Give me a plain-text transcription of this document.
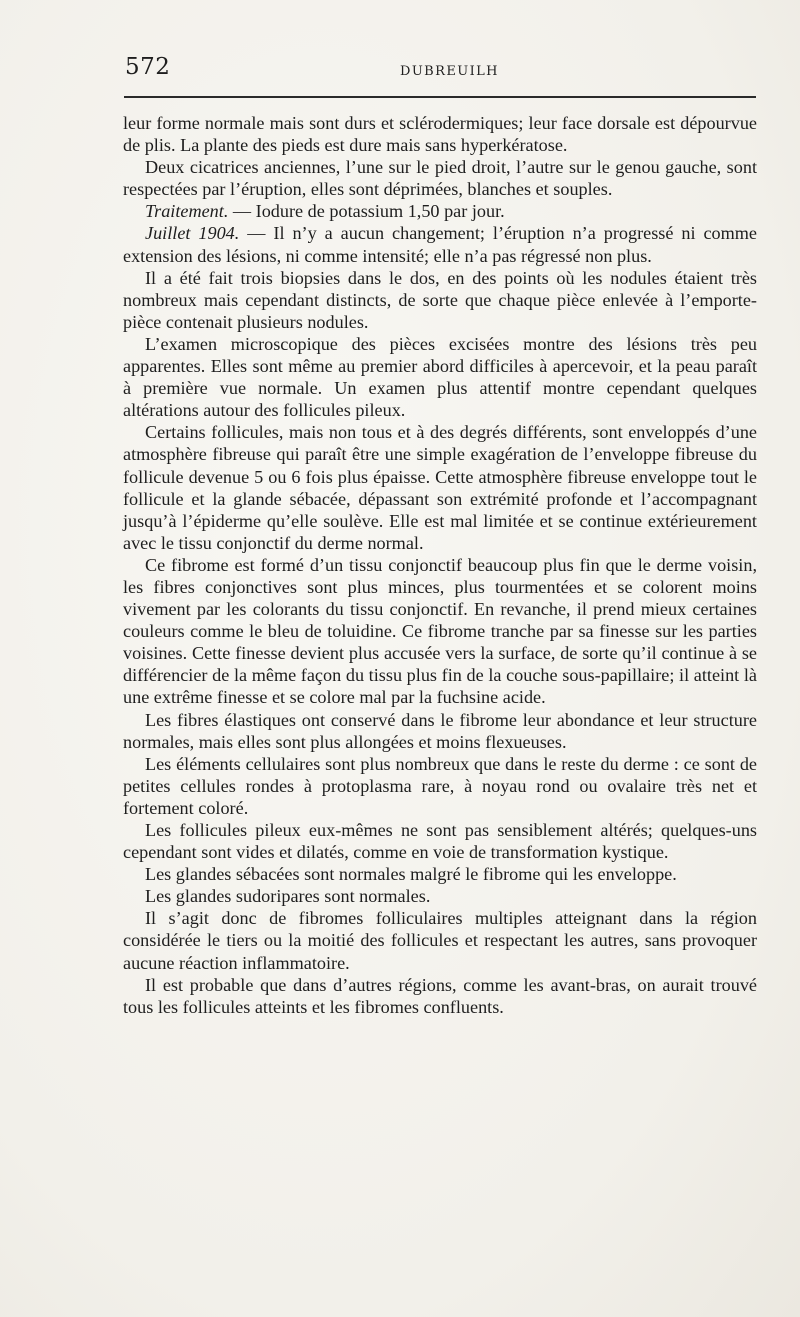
572	DUBREUILH

leur forme normale mais sont durs et sclérodermiques; leur face dorsale est dépourvue de plis. La plante des pieds est dure mais sans hyperkératose.

Deux cicatrices anciennes, l’une sur le pied droit, l’autre sur le genou gauche, sont respectées par l’éruption, elles sont déprimées, blanches et souples.

Traitement. — Iodure de potassium 1,50 par jour.

Juillet 1904. — Il n’y a aucun changement; l’éruption n’a progressé ni comme extension des lésions, ni comme intensité; elle n’a pas régressé non plus.

Il a été fait trois biopsies dans le dos, en des points où les nodules étaient très nombreux mais cependant distincts, de sorte que chaque pièce enlevée à l’emporte-pièce contenait plusieurs nodules.

L’examen microscopique des pièces excisées montre des lésions très peu apparentes. Elles sont même au premier abord difficiles à apercevoir, et la peau paraît à première vue normale. Un examen plus attentif montre cependant quelques altérations autour des follicules pileux.

Certains follicules, mais non tous et à des degrés différents, sont enveloppés d’une atmosphère fibreuse qui paraît être une simple exagération de l’enveloppe fibreuse du follicule devenue 5 ou 6 fois plus épaisse. Cette atmosphère fibreuse enveloppe tout le follicule et la glande sébacée, dépassant son extrémité profonde et l’accompagnant jusqu’à l’épiderme qu’elle soulève. Elle est mal limitée et se continue extérieurement avec le tissu conjonctif du derme normal.

Ce fibrome est formé d’un tissu conjonctif beaucoup plus fin que le derme voisin, les fibres conjonctives sont plus minces, plus tourmentées et se colorent moins vivement par les colorants du tissu conjonctif. En revanche, il prend mieux certaines couleurs comme le bleu de toluidine. Ce fibrome tranche par sa finesse sur les parties voisines. Cette finesse devient plus accusée vers la surface, de sorte qu’il continue à se différencier de la même façon du tissu plus fin de la couche sous-papillaire; il atteint là une extrême finesse et se colore mal par la fuchsine acide.

Les fibres élastiques ont conservé dans le fibrome leur abondance et leur structure normales, mais elles sont plus allongées et moins flexueuses.

Les éléments cellulaires sont plus nombreux que dans le reste du derme : ce sont de petites cellules rondes à protoplasma rare, à noyau rond ou ovalaire très net et fortement coloré.

Les follicules pileux eux-mêmes ne sont pas sensiblement altérés; quelques-uns cependant sont vides et dilatés, comme en voie de transformation kystique.

Les glandes sébacées sont normales malgré le fibrome qui les enveloppe.

Les glandes sudoripares sont normales.

Il s’agit donc de fibromes folliculaires multiples atteignant dans la région considérée le tiers ou la moitié des follicules et respectant les autres, sans provoquer aucune réaction inflammatoire.

Il est probable que dans d’autres régions, comme les avant-bras, on aurait trouvé tous les follicules atteints et les fibromes confluents.
